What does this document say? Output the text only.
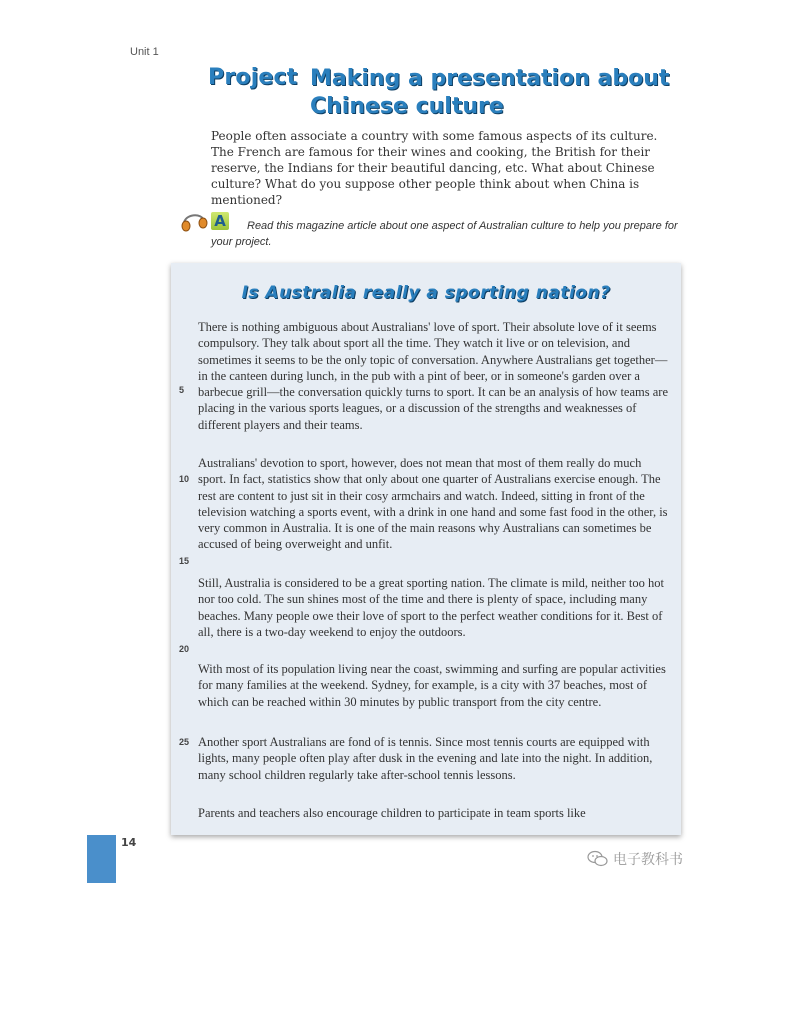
Unit 1
Project Making a presentation about Chinese culture

People often associate a country with some famous aspects of its culture. The French are famous for their wines and cooking, the British for their reserve, the Indians for their beautiful dancing, etc. What about Chinese culture? What do you suppose other people think about when China is mentioned?

A	Read this magazine article about one aspect of Australian culture to help you prepare for your project.

Is Australia really a sporting nation?

There is nothing ambiguous about Australians' love of sport. Their absolute love of it seems compulsory. They talk about sport all the time. They watch it live or on television, and sometimes it seems to be the only topic of conversation. Anywhere Australians get together—in the canteen during lunch, in the pub with a pint of beer, or in someone's garden over a barbecue grill—the conversation quickly turns to sport. It can be an analysis of how teams are placing in the various sports leagues, or a discussion of the strengths and weaknesses of different players and their teams.

Australians' devotion to sport, however, does not mean that most of them really do much sport. In fact, statistics show that only about one quarter of Australians exercise enough. The rest are content to just sit in their cosy armchairs and watch. Indeed, sitting in front of the television watching a sports event, with a drink in one hand and some fast food in the other, is very common in Australia. It is one of the main reasons why Australians can sometimes be accused of being overweight and unfit.

Still, Australia is considered to be a great sporting nation. The climate is mild, neither too hot nor too cold. The sun shines most of the time and there is plenty of space, including many beaches. Many people owe their love of sport to the perfect weather conditions for it. Best of all, there is a two-day weekend to enjoy the outdoors.

With most of its population living near the coast, swimming and surfing are popular activities for many families at the weekend. Sydney, for example, is a city with 37 beaches, most of which can be reached within 30 minutes by public transport from the city centre.

Another sport Australians are fond of is tennis. Since most tennis courts are equipped with lights, many people often play after dusk in the evening and late into the night. In addition, many school children regularly take after-school tennis lessons.

Parents and teachers also encourage children to participate in team sports like

5
10
15
20
25
14
电子教科书
